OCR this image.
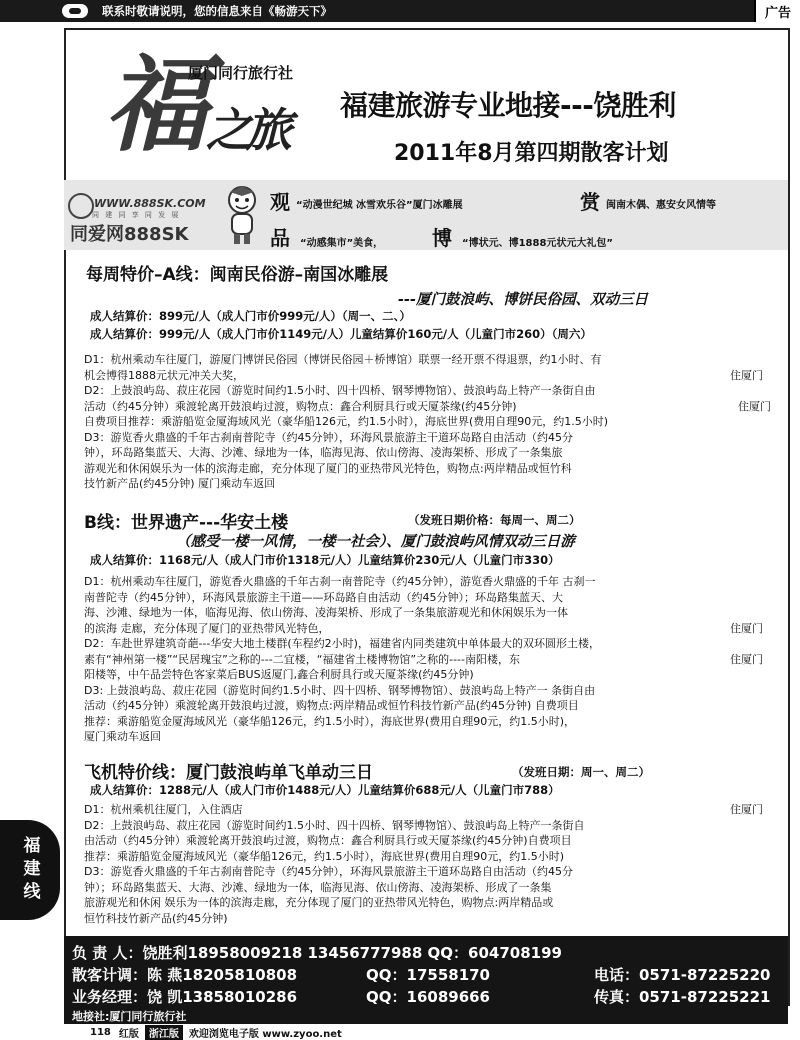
联系时敬请说明，您的信息来自《畅游天下》	广告
福
之旅
厦门同行旅行社
福建旅游专业地接---饶胜利
2011年8月第四期散客计划
WWW.888SK.COM
同 建 同 享 同 发 展
同爱网888SK
观 “动漫世纪城 冰雪欢乐谷”厦门冰雕展	赏 闽南木偶、惠安女风情等
品 “动感集市”美食， 博 “博状元、博1888元状元大礼包”
每周特价–A线：闽南民俗游–南国冰雕展
---厦门鼓浪屿、博饼民俗园、双动三日
成人结算价：899元/人（成人门市价999元/人）（周一、二、）
成人结算价：999元/人（成人门市价1149元/人）儿童结算价160元/人（儿童门市260）（周六）
D1：杭州乘动车往厦门，游厦门博饼民俗园（博饼民俗园＋桥博馆）联票一经开票不得退票，约1小时、有
机会博得1888元状元冲关大奖，
D2：上鼓浪屿岛、菽庄花园（游览时间约1.5小时、四十四桥、钢琴博物馆）、鼓浪屿岛上特产一条街自由
活动（约45分钟）乘渡轮离开鼓浪屿过渡，购物点：鑫合利厨具行或天厦茶缘(约45分钟)
自费项目推荐：乘游船览金厦海域风光（豪华船126元，约1.5小时），海底世界(费用自理90元，约1.5小时)
D3：游览香火鼎盛的千年古刹南普陀寺（约45分钟），环海风景旅游主干道环岛路自由活动（约45分
钟），环岛路集蓝天、大海、沙滩、绿地为一体，临海见海、依山傍海、凌海架桥、形成了一条集旅
游观光和休闲娱乐为一体的滨海走廊，充分体现了厦门的亚热带风光特色，购物点:两岸精品或恒竹科
技竹新产品(约45分钟) 厦门乘动车返回
住厦门
住厦门
B线：世界遗产---华安土楼	（发班日期价格：每周一、周二）
（感受一楼一风情，一楼一社会）、厦门鼓浪屿风情双动三日游
成人结算价：1168元/人（成人门市价1318元/人）儿童结算价230元/人（儿童门市330）
D1：杭州乘动车往厦门，游览香火鼎盛的千年古刹一南普陀寺（约45分钟），游览香火鼎盛的千年 古刹一
南普陀寺（约45分钟），环海风景旅游主干道——环岛路自由活动（约45分钟）；环岛路集蓝天、大
海、沙滩、绿地为一体，临海见海、依山傍海、凌海架桥、形成了一条集旅游观光和休闲娱乐为一体
的滨海 走廊，充分体现了厦门的亚热带风光特色，
D2：车赴世界建筑奇葩---华安大地土楼群(车程约2小时)，福建省内同类建筑中单体最大的双环圆形土楼，
素有“神州第一楼”“民居瑰宝”之称的---二宜楼，“福建省土楼博物馆”之称的----南阳楼，东
阳楼等，中午品尝特色客家菜后BUS返厦门,鑫合利厨具行或天厦茶缘(约45分钟)
D3: 上鼓浪屿岛、菽庄花园（游览时间约1.5小时、四十四桥、钢琴博物馆）、鼓浪屿岛上特产一 条街自由
活动（约45分钟）乘渡轮离开鼓浪屿过渡，购物点:两岸精品或恒竹科技竹新产品(约45分钟) 自费项目
推荐：乘游船览金厦海域风光（豪华船126元，约1.5小时），海底世界(费用自理90元，约1.5小时)，
厦门乘动车返回
住厦门
住厦门
飞机特价线：厦门鼓浪屿单飞单动三日	（发班日期：周一、周二）
成人结算价：1288元/人（成人门市价1488元/人）儿童结算价688元/人（儿童门市788）
D1：杭州乘机往厦门，入住酒店
D2：上鼓浪屿岛、菽庄花园（游览时间约1.5小时、四十四桥、钢琴博物馆）、鼓浪屿岛上特产一条街自
由活动（约45分钟）乘渡轮离开鼓浪屿过渡，购物点：鑫合利厨具行或天厦茶缘(约45分钟)自费项目
推荐：乘游船览金厦海域风光（豪华船126元，约1.5小时），海底世界(费用自理90元，约1.5小时)
D3：游览香火鼎盛的千年古刹南普陀寺（约45分钟），环海风景旅游主干道环岛路自由活动（约45分
钟）；环岛路集蓝天、大海、沙滩、绿地为一体，临海见海、依山傍海、凌海架桥、形成了一条集
旅游观光和休闲 娱乐为一体的滨海走廊，充分体现了厦门的亚热带风光特色，购物点:两岸精品或
恒竹科技竹新产品(约45分钟)
住厦门
福建线
负 责 人：饶胜利18958009218 13456777988 QQ：604708199
散客计调：陈 燕18205810808	QQ：17558170	电话：0571-87225220
业务经理：饶 凯13858010286	QQ：16089666	传真：0571-87225221
地接社:厦门同行旅行社
118 红版	浙江版	欢迎浏览电子版 www.zyoo.net
